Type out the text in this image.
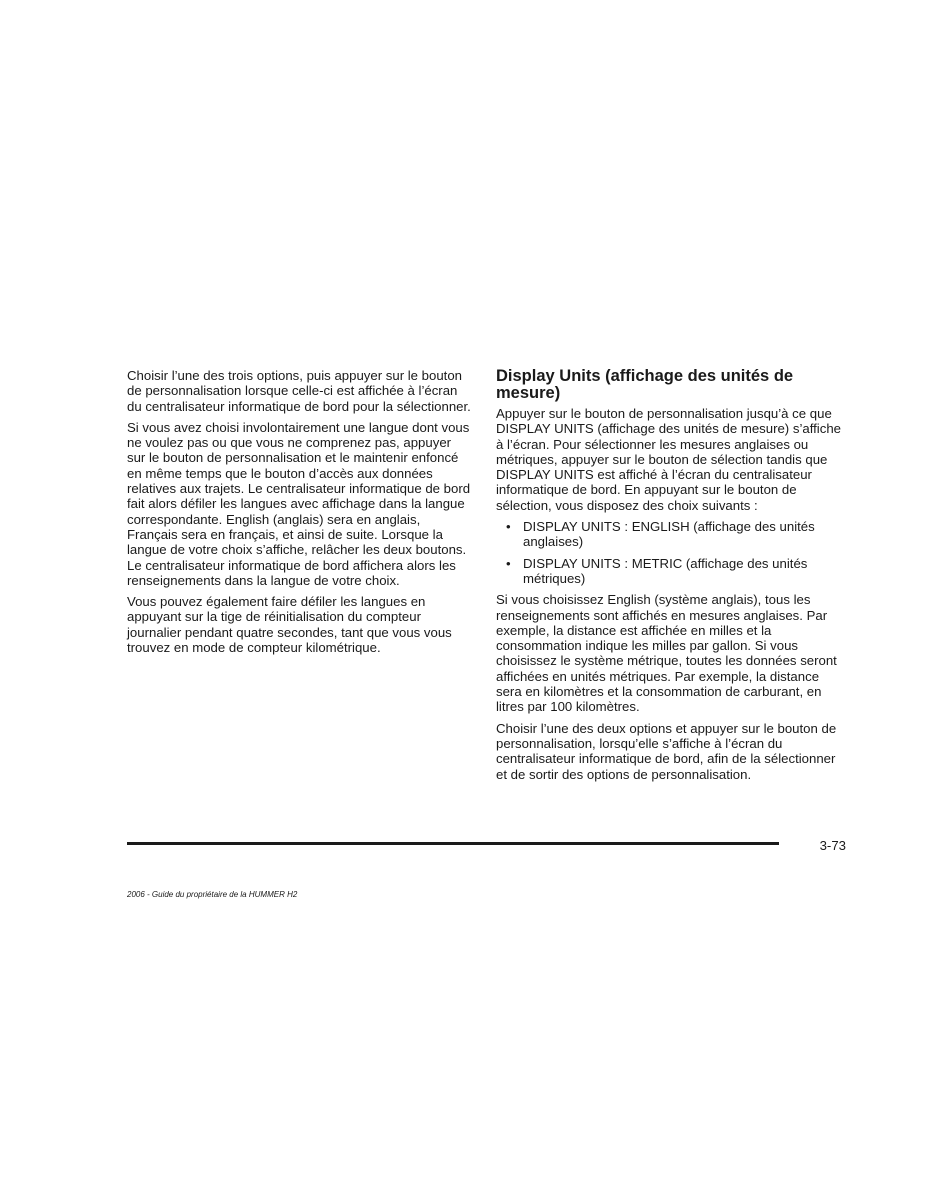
Choisir l’une des trois options, puis appuyer sur le bouton de personnalisation lorsque celle-ci est affichée à l’écran du centralisateur informatique de bord pour la sélectionner.

Si vous avez choisi involontairement une langue dont vous ne voulez pas ou que vous ne comprenez pas, appuyer sur le bouton de personnalisation et le maintenir enfoncé en même temps que le bouton d’accès aux données relatives aux trajets. Le centralisateur informatique de bord fait alors défiler les langues avec affichage dans la langue correspondante. English (anglais) sera en anglais, Français sera en français, et ainsi de suite. Lorsque la langue de votre choix s’affiche, relâcher les deux boutons. Le centralisateur informatique de bord affichera alors les renseignements dans la langue de votre choix.

Vous pouvez également faire défiler les langues en appuyant sur la tige de réinitialisation du compteur journalier pendant quatre secondes, tant que vous vous trouvez en mode de compteur kilométrique.

Display Units (affichage des unités de mesure)

Appuyer sur le bouton de personnalisation jusqu’à ce que DISPLAY UNITS (affichage des unités de mesure) s’affiche à l’écran. Pour sélectionner les mesures anglaises ou métriques, appuyer sur le bouton de sélection tandis que DISPLAY UNITS est affiché à l’écran du centralisateur informatique de bord. En appuyant sur le bouton de sélection, vous disposez des choix suivants :

• DISPLAY UNITS : ENGLISH (affichage des unités anglaises)
• DISPLAY UNITS : METRIC (affichage des unités métriques)

Si vous choisissez English (système anglais), tous les renseignements sont affichés en mesures anglaises. Par exemple, la distance est affichée en milles et la consommation indique les milles par gallon. Si vous choisissez le système métrique, toutes les données seront affichées en unités métriques. Par exemple, la distance sera en kilomètres et la consommation de carburant, en litres par 100 kilomètres.

Choisir l’une des deux options et appuyer sur le bouton de personnalisation, lorsqu’elle s’affiche à l’écran du centralisateur informatique de bord, afin de la sélectionner et de sortir des options de personnalisation.

3-73
2006 - Guide du propriétaire de la HUMMER H2
